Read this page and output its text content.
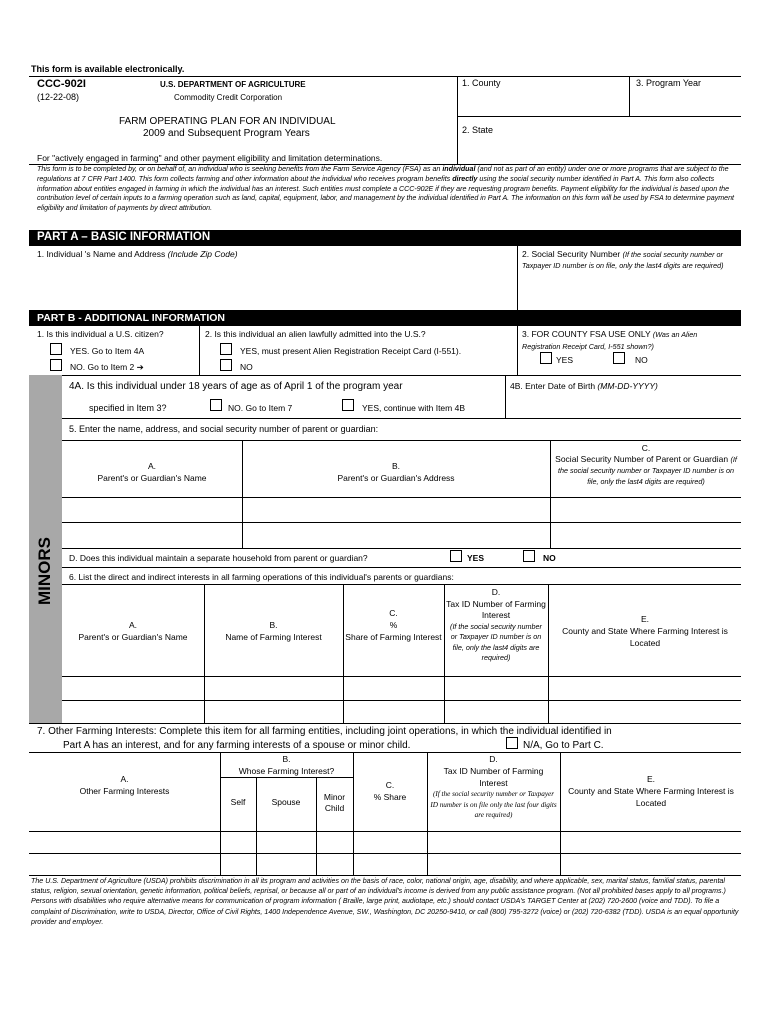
This form is available electronically.
CCC-902I
(12-22-08)
U.S. DEPARTMENT OF AGRICULTURE
Commodity Credit Corporation
FARM OPERATING PLAN FOR AN INDIVIDUAL
2009 and Subsequent Program Years
1. County	3. Program Year
2. State
For "actively engaged in farming" and other payment eligibility and limitation determinations.
This form is to be completed by, or on behalf of, an individual who is seeking benefits from the Farm Service Agency (FSA) as an individual (and not as part of an entity) under one or more programs that are subject to the regulations at 7 CFR Part 1400. This form collects farming and other information about the individual who receives program benefits directly using the social security number identified in Part A. This form also collects information about entities engaged in farming in which the individual has an interest. Such entities must complete a CCC-902E if they are requesting program benefits. Payment eligibility for the individual is based upon the contribution level of certain inputs to a farming operation such as land, capital, equipment, labor, and management by the individual identified in Part A. The information on this form will be used by FSA to determine payment eligibility and limitation of payments by direct attribution.
PART A – BASIC INFORMATION
1. Individual 's Name and Address (Include Zip Code)	2. Social Security Number (If the social security number or Taxpayer ID number is on file, only the last4 digits are required)
PART B - ADDITIONAL INFORMATION
1. Is this individual a U.S. citizen?
YES. Go to Item 4A
NO. Go to Item 2 ➔
2. Is this individual an alien lawfully admitted into the U.S.?
YES, must present Alien Registration Receipt Card (I-551).
NO
3. FOR COUNTY FSA USE ONLY (Was an Alien Registration Receipt Card, I-551 shown?)
YES	NO
MINORS
4A. Is this individual under 18 years of age as of April 1 of the program year
specified in Item 3?	NO. Go to Item 7	YES, continue with Item 4B
4B. Enter Date of Birth (MM-DD-YYYY)
5. Enter the name, address, and social security number of parent or guardian:
A.
Parent's or Guardian's Name
B.
Parent's or Guardian's Address
C.
Social Security Number of Parent or Guardian (If the social security number or Taxpayer ID number is on file, only the last4 digits are required)
D. Does this individual maintain a separate household from parent or guardian?	YES	NO
6. List the direct and indirect interests in all farming operations of this individual's parents or guardians:
A.
Parent's or Guardian's Name
B.
Name of Farming Interest
C.
%
Share of Farming Interest
D.
Tax ID Number of Farming Interest
(If the social security number or Taxpayer ID number is on file, only the last4 digits are required)
E.
County and State Where Farming Interest is Located
7. Other Farming Interests: Complete this item for all farming entities, including joint operations, in which the individual identified in
Part A has an interest, and for any farming interests of a spouse or minor child.	N/A, Go to Part C.
A.
Other Farming Interests
B.
Whose Farming Interest?
Self	Spouse	Minor Child
C.
% Share
D.
Tax ID Number of Farming Interest
(If the social security number or Taxpayer ID number is on file only the last four digits are required)
E.
County and State Where Farming Interest is Located
The U.S. Department of Agriculture (USDA) prohibits discrimination in all its program and activities on the basis of race, color, national origin, age, disability, and where applicable, sex, marital status, familial status, parental status, religion, sexual orientation, genetic information, political beliefs, reprisal, or because all or part of an individual's income is derived from any public assistance program. (Not all prohibited bases apply to all programs.) Persons with disabilities who require alternative means for communication of program information ( Braille, large print, audiotape, etc.) should contact USDA's TARGET Center at (202) 720-2600 (voice and TDD). To file a complaint of Discrimination, write to USDA, Director, Office of Civil Rights, 1400 Independence Avenue, SW., Washington, DC 20250-9410, or call (800) 795-3272 (voice) or (202) 720-6382 (TDD). USDA is an equal opportunity provider and employer.
